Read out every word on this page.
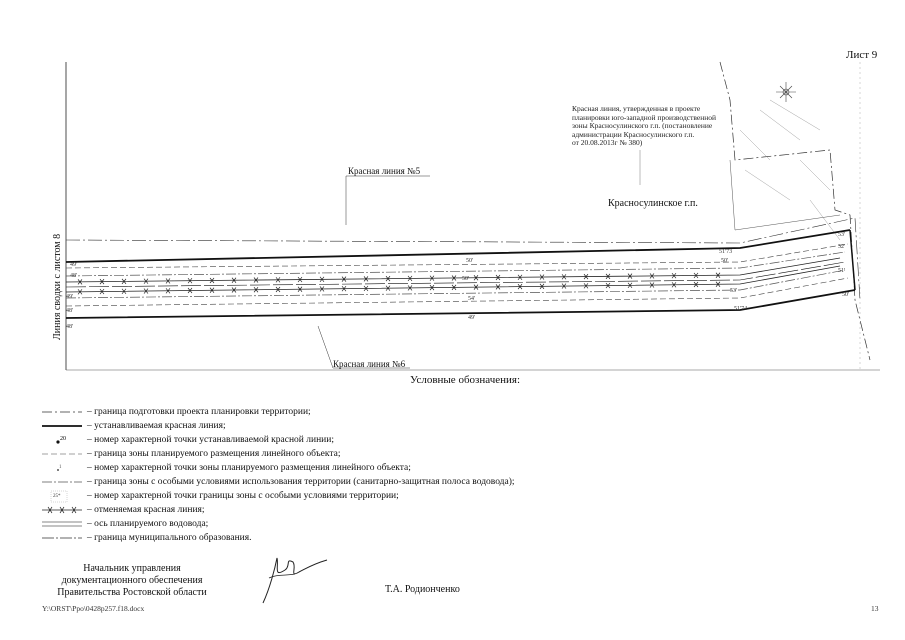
Лист 9
49'
48'
49'
48'
48'
50'
50'
54'
49'
51'73
50'
53'
51'74
53'
52'
51'
50'
Красная линия, утвержденная в проекте
планировки юго-западной производственной
зоны Красносулинского г.п. (постановление
администрации Красносулинского г.п.
от 20.08.2013г № 380)
Красносулинское г.п.
Красная линия №5
Красная линия №6
Линия сводки с листом 8
Условные обозначения:
– граница подготовки проекта планировки территории;
– устанавливаемая красная линия;
20 – номер характерной точки устанавливаемой красной линии;
– граница зоны планируемого размещения линейного объекта;
1	– номер характерной точки зоны планируемого размещения линейного объекта;
– граница зоны с особыми условиями использования территории (санитарно-защитная полоса водовода);
25*	– номер характерной точки границы зоны с особыми условиями территории;
– отменяемая красная линия;
– ось планируемого водовода;
– граница муниципального образования.
Начальник управления
документационного обеспечения
Правительства Ростовской области	Т.А. Родионченко
Y:\ORST\Ppo\0428p257.f18.docx	13
